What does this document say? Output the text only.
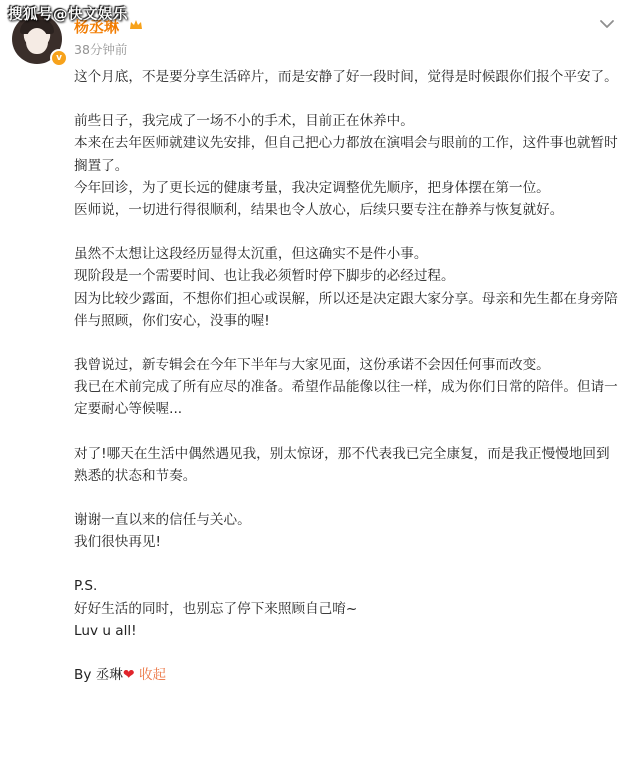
搜狐号@快文娱乐
v
杨丞琳
38分钟前

这个月底，不是要分享生活碎片，而是安静了好一段时间，觉得是时候跟你们报个平安了。

前些日子，我完成了一场不小的手术，目前正在休养中。

本来在去年医师就建议先安排，但自己把心力都放在演唱会与眼前的工作，这件事也就暂时搁置了。

今年回诊，为了更长远的健康考量，我决定调整优先顺序，把身体摆在第一位。

医师说，一切进行得很顺利，结果也令人放心，后续只要专注在静养与恢复就好。

虽然不太想让这段经历显得太沉重，但这确实不是件小事。

现阶段是一个需要时间、也让我必须暂时停下脚步的必经过程。

因为比较少露面，不想你们担心或误解，所以还是决定跟大家分享。母亲和先生都在身旁陪伴与照顾，你们安心，没事的喔!

我曾说过，新专辑会在今年下半年与大家见面，这份承诺不会因任何事而改变。

我已在术前完成了所有应尽的准备。希望作品能像以往一样，成为你们日常的陪伴。但请一定要耐心等候喔...

对了!哪天在生活中偶然遇见我，别太惊讶，那不代表我已完全康复，而是我正慢慢地回到熟悉的状态和节奏。

谢谢一直以来的信任与关心。

我们很快再见!

P.S.

好好生活的同时，也别忘了停下来照顾自己唷~

Luv u all!

By 丞琳❤ 收起
